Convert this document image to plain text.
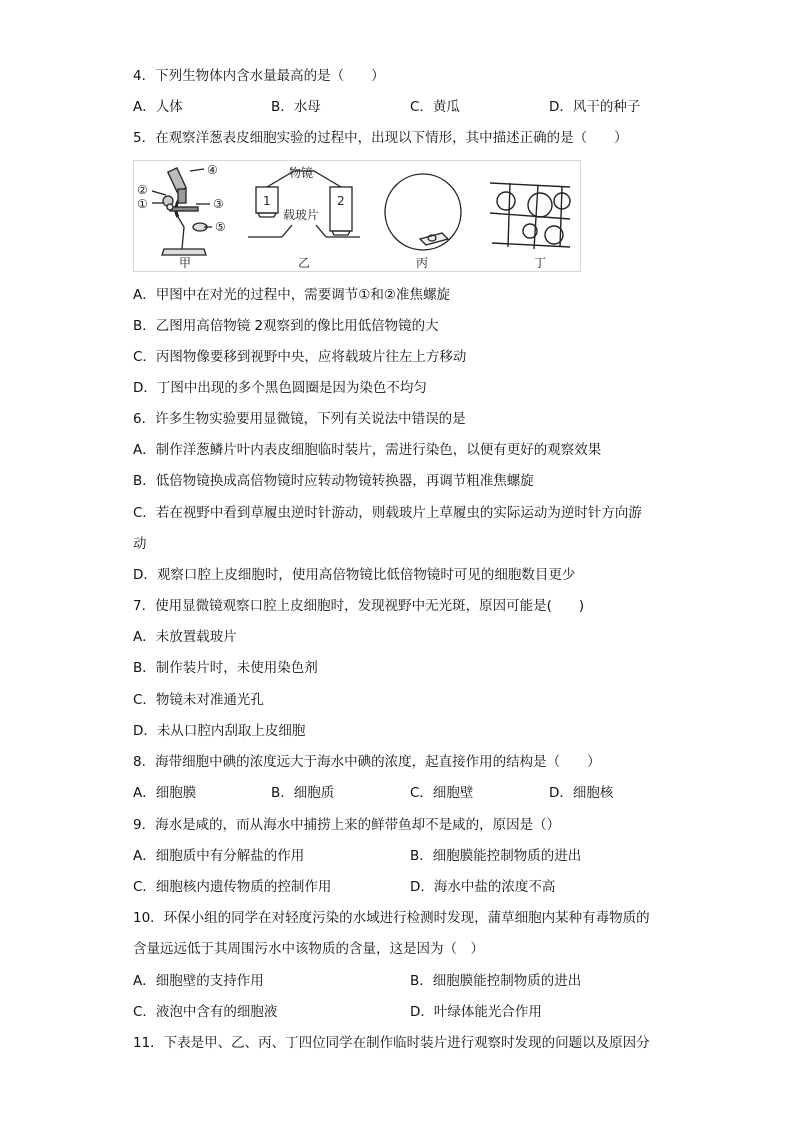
4．下列生物体内含水量最高的是（　　）
A．人体	B．水母	C．黄瓜	D．风干的种子
5．在观察洋葱表皮细胞实验的过程中，出现以下情形，其中描述正确的是（　　）
④
②
①	③
⑤
物镜
载玻片
1	2
甲	乙	丙	丁
A．甲图中在对光的过程中，需要调节①和②准焦螺旋
B．乙图用高倍物镜 2观察到的像比用低倍物镜的大
C．丙图物像要移到视野中央，应将载玻片往左上方移动
D．丁图中出现的多个黑色圆圈是因为染色不均匀
6．许多生物实验要用显微镜，下列有关说法中错误的是
A．制作洋葱鳞片叶内表皮细胞临时装片，需进行染色，以便有更好的观察效果
B．低倍物镜换成高倍物镜时应转动物镜转换器，再调节粗准焦螺旋
C．若在视野中看到草履虫逆时针游动，则载玻片上草履虫的实际运动为逆时针方向游
动
D．观察口腔上皮细胞时，使用高倍物镜比低倍物镜时可见的细胞数目更少
7．使用显微镜观察口腔上皮细胞时，发现视野中无光斑，原因可能是(　　)
A．未放置载玻片
B．制作装片时，未使用染色剂
C．物镜未对准通光孔
D．未从口腔内刮取上皮细胞
8．海带细胞中碘的浓度远大于海水中碘的浓度，起直接作用的结构是（　　）
A．细胞膜	B．细胞质	C．细胞壁	D．细胞核
9．海水是咸的，而从海水中捕捞上来的鲜带鱼却不是咸的，原因是（）
A．细胞质中有分解盐的作用	B．细胞膜能控制物质的进出
C．细胞核内遗传物质的控制作用	D．海水中盐的浓度不高
10．环保小组的同学在对轻度污染的水域进行检测时发现，蒲草细胞内某种有毒物质的
含量远远低于其周围污水中该物质的含量，这是因为（　）
A．细胞壁的支持作用	B．细胞膜能控制物质的进出
C．液泡中含有的细胞液	D．叶绿体能光合作用
11．下表是甲、乙、丙、丁四位同学在制作临时装片进行观察时发现的问题以及原因分
